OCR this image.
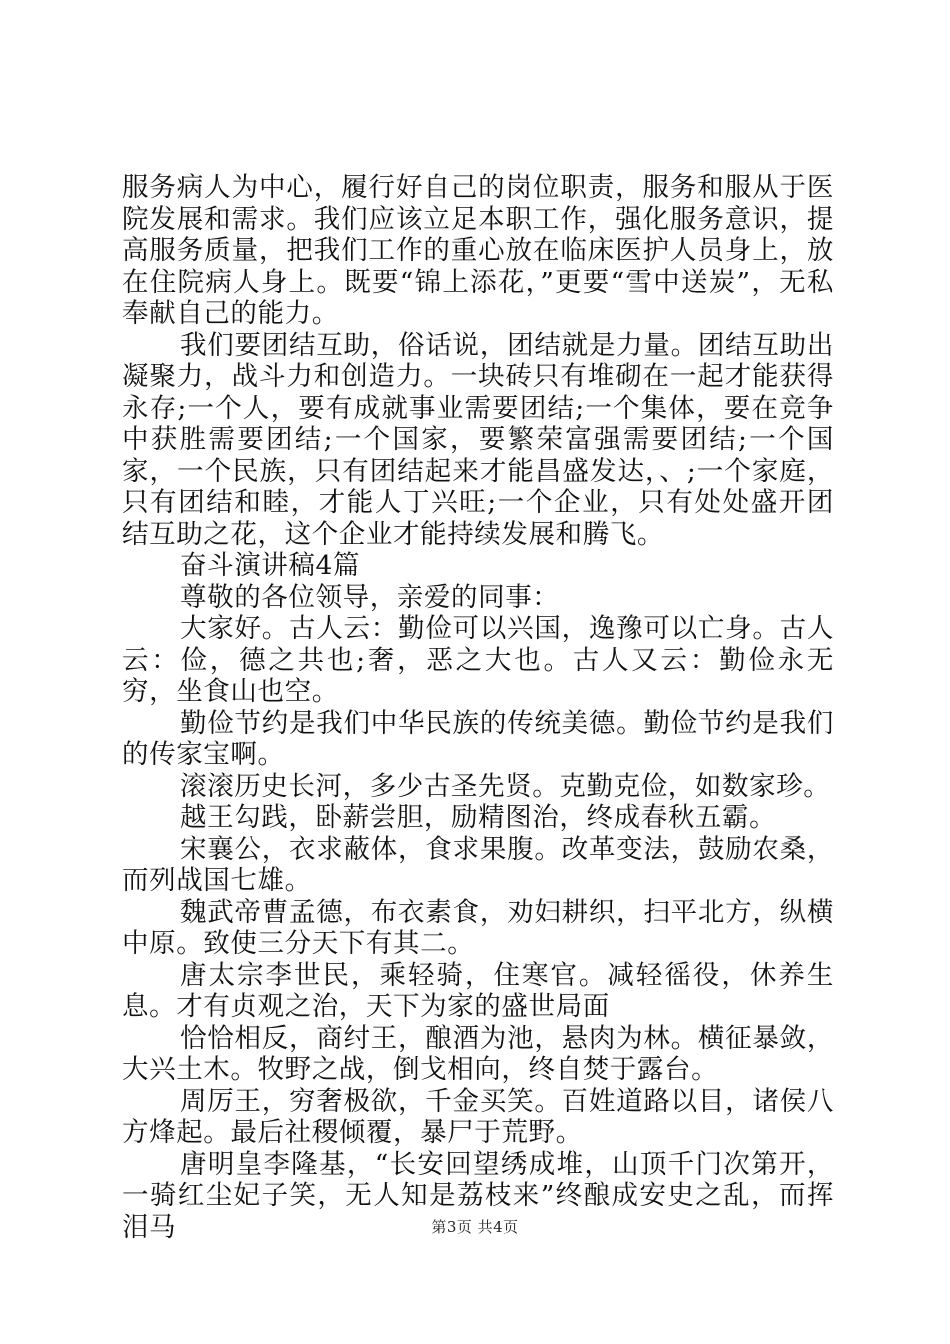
服务病人为中心，履行好自己的岗位职责，服务和服从于医院发展和需求。我们应该立足本职工作，强化服务意识，提高服务质量，把我们工作的重心放在临床医护人员身上，放在住院病人身上。既要“锦上添花，”更要“雪中送炭”，无私奉献自己的能力。

我们要团结互助，俗话说，团结就是力量。团结互助出凝聚力，战斗力和创造力。一块砖只有堆砌在一起才能获得永存;一个人，要有成就事业需要团结;一个集体，要在竞争中获胜需要团结;一个国家，要繁荣富强需要团结;一个国家，一个民族，只有团结起来才能昌盛发达，、;一个家庭，只有团结和睦，才能人丁兴旺;一个企业，只有处处盛开团结互助之花，这个企业才能持续发展和腾飞。

奋斗演讲稿4篇

尊敬的各位领导，亲爱的同事：

大家好。古人云：勤俭可以兴国，逸豫可以亡身。古人云：俭，德之共也;奢，恶之大也。古人又云：勤俭永无穷，坐食山也空。

勤俭节约是我们中华民族的传统美德。勤俭节约是我们的传家宝啊。

滚滚历史长河，多少古圣先贤。克勤克俭，如数家珍。

越王勾践，卧薪尝胆，励精图治，终成春秋五霸。

宋襄公，衣求蔽体，食求果腹。改革变法，鼓励农桑，而列战国七雄。

魏武帝曹孟德，布衣素食，劝妇耕织，扫平北方，纵横中原。致使三分天下有其二。

唐太宗李世民，乘轻骑，住寒官。减轻徭役，休养生息。才有贞观之治，天下为家的盛世局面

恰恰相反，商纣王，酿酒为池，悬肉为林。横征暴敛，大兴土木。牧野之战，倒戈相向，终自焚于露台。

周厉王，穷奢极欲，千金买笑。百姓道路以目，诸侯八方烽起。最后社稷倾覆，暴尸于荒野。

唐明皇李隆基，“长安回望绣成堆，山顶千门次第开，一骑红尘妃子笑，无人知是荔枝来”终酿成安史之乱，而挥泪马	第3页 共4页
